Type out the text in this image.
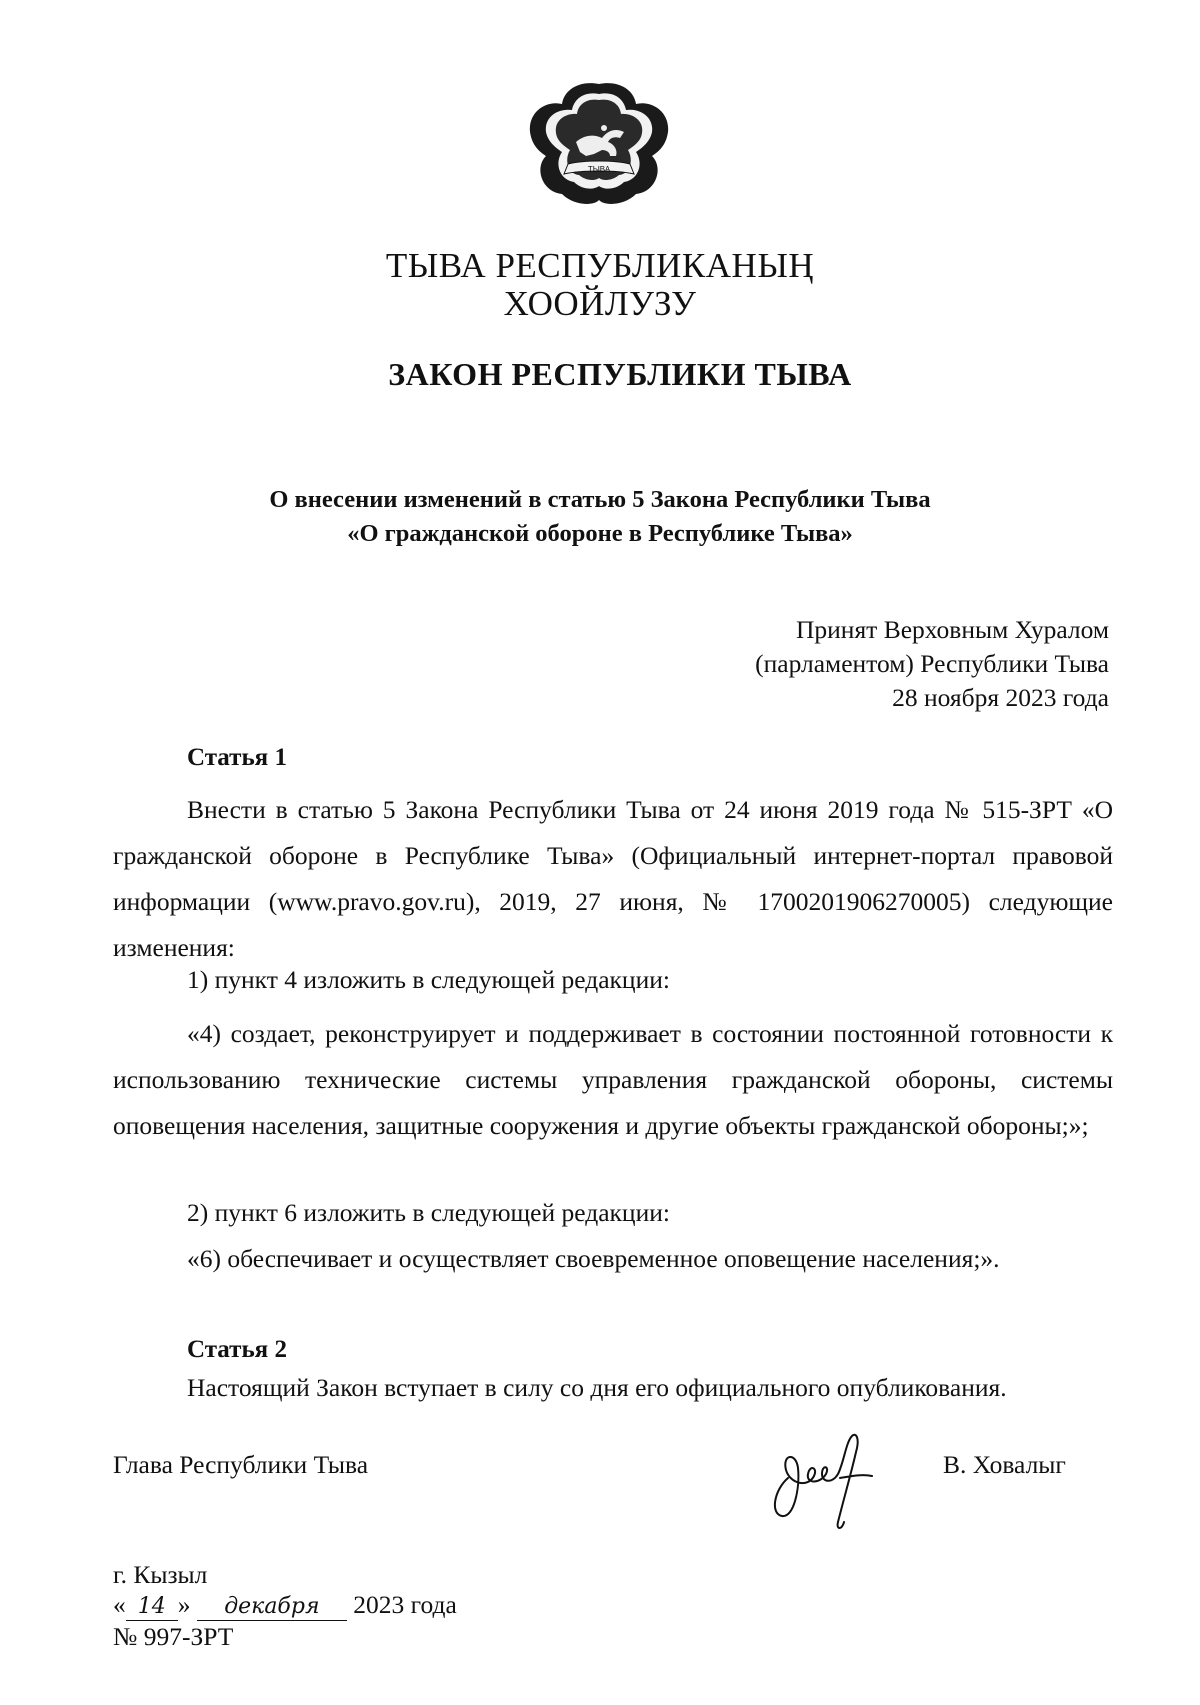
ТЫВА
ТЫВА РЕСПУБЛИКАНЫҢ
ХООЙЛУЗУ
ЗАКОН РЕСПУБЛИКИ ТЫВА
О внесении изменений в статью 5 Закона Республики Тыва
«О гражданской обороне в Республике Тыва»
Принят Верховным Хуралом
(парламентом) Республики Тыва
28 ноября 2023 года
Статья 1

Внести в статью 5 Закона Республики Тыва от 24 июня 2019 года № 515-ЗРТ «О гражданской обороне в Республике Тыва» (Официальный интернет-портал правовой информации (www.pravo.gov.ru), 2019, 27 июня, № 1700201906270005) следующие изменения:

1) пункт 4 изложить в следующей редакции:

«4) создает, реконструирует и поддерживает в состоянии постоянной готовности к использованию технические системы управления гражданской обороны, системы оповещения населения, защитные сооружения и другие объекты гражданской обороны;»;

2) пункт 6 изложить в следующей редакции:
«6) обеспечивает и осуществляет своевременное оповещение населения;».
Статья 2
Настоящий Закон вступает в силу со дня его официального опубликования.
Глава Республики Тыва	В. Ховалыг
г. Кызыл
« 14 » декабря 2023 года
№ 997-ЗРТ
